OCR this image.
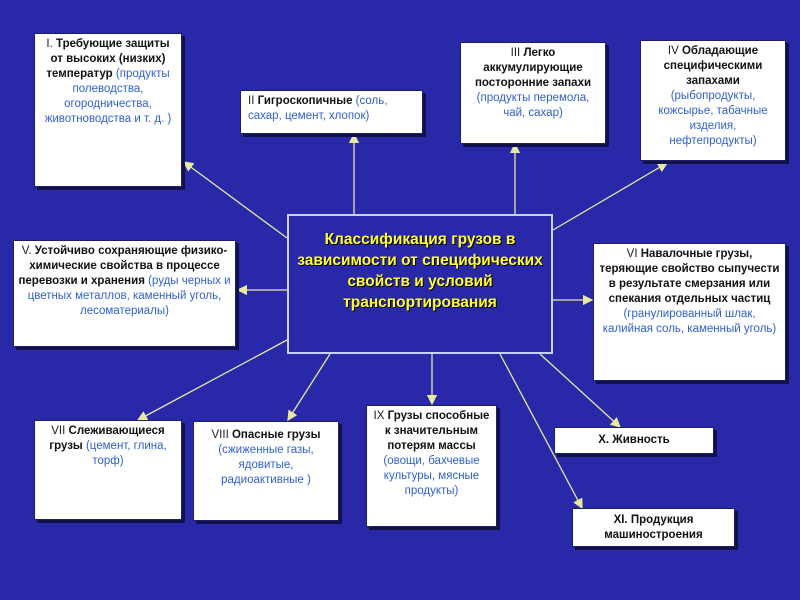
Классификация грузов в зависимости от специфических свойств и условий транспортирования
I. Требующие защиты от высоких (низких) температур (продукты полеводства, огородничества, животноводства и т. д. )
II Гигроскопичные (соль, сахар, цемент, хлопок)
III Легко аккумулирующие посторонние запахи (продукты перемола, чай, сахар)
IV Обладающие специфическими запахами (рыбопродукты, кожсырье, табачные изделия, нефтепродукты)
V. Устойчиво сохраняющие физико-химические свойства в процессе перевозки и хранения (руды черных и цветных металлов, каменный уголь, лесоматериалы)
VI Навалочные грузы, теряющие свойство сыпучести в результате смерзания или спекания отдельных частиц (гранулированный шлак, калийная соль, каменный уголь)
VII Слеживающиеся грузы (цемент, глина, торф)
VIII Опасные грузы (сжиженные газы, ядовитые, радиоактивные )
IX Грузы способные к значительным потерям массы (овощи, бахчевые культуры, мясные продукты)
X. Живность
XI. Продукция машиностроения
